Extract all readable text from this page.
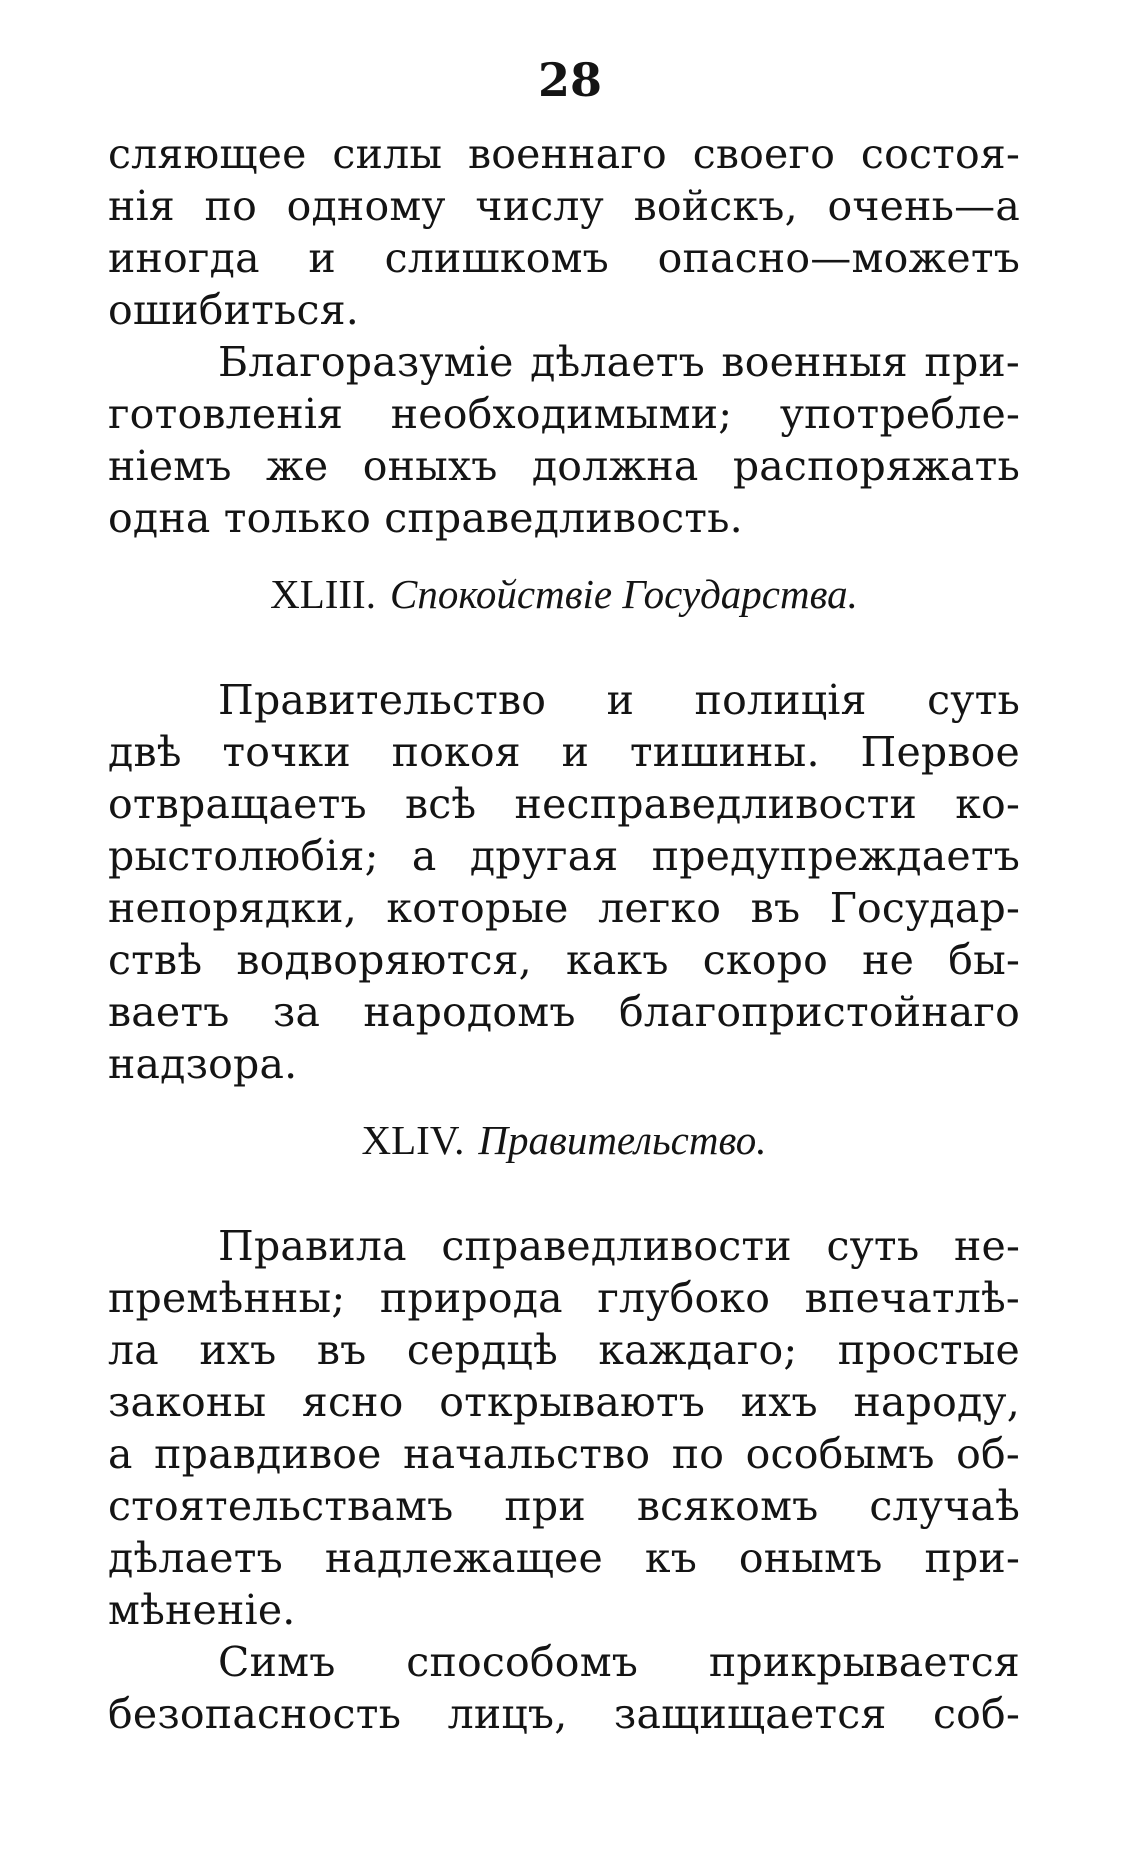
28
сляющее силы военнаго своего состоя-
нія по одному числу войскъ, очень—а
иногда и слишкомъ опасно—можетъ
ошибиться.
Благоразуміе дѣлаетъ военныя при-
готовленія необходимыми; употребле-
ніемъ же оныхъ должна распоряжать
одна только справедливость.
XLIII. Спокойствіе Государства.
Правительство и полиція суть
двѣ точки покоя и тишины. Первое
отвращаетъ всѣ несправедливости ко-
рыстолюбія; а другая предупреждаетъ
непорядки, которые легко въ Государ-
ствѣ водворяются, какъ скоро не бы-
ваетъ за народомъ благопристойнаго
надзора.
XLIV. Правительство.
Правила справедливости суть не-
премѣнны; природа глубоко впечатлѣ-
ла ихъ въ сердцѣ каждаго; простые
законы ясно открываютъ ихъ народу,
а правдивое начальство по особымъ об-
стоятельствамъ при всякомъ случаѣ
дѣлаетъ надлежащее къ онымъ при-
мѣненіе.
Симъ способомъ прикрывается
безопасность лицъ, защищается соб-
